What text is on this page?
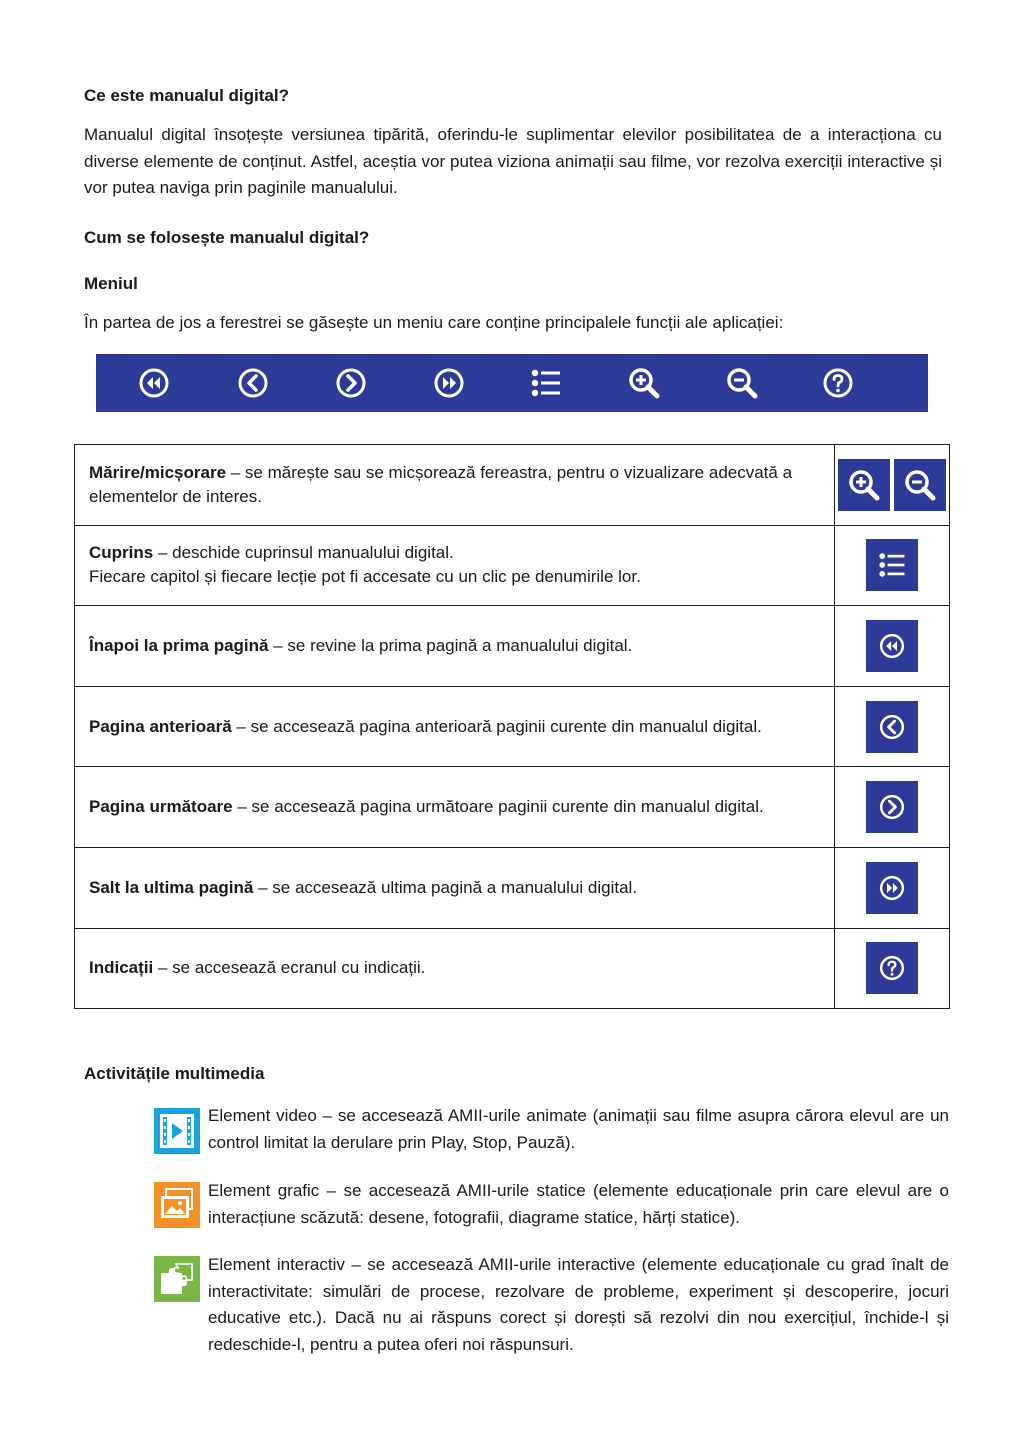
Ce este manualul digital?

Manualul digital însoțește versiunea tipărită, oferindu-le suplimentar elevilor posibilitatea de a interacționa cu diverse elemente de conținut. Astfel, aceștia vor putea viziona animații sau filme, vor rezolva exerciții interactive și vor putea naviga prin paginile manualului.

Cum se folosește manualul digital?
Meniul

În partea de jos a ferestrei se găsește un meniu care conține principalele funcții ale aplicației:

Mărire/micșorare – se mărește sau se micșorează fereastra, pentru o vizualizare adecvată a elementelor de interes.	

Cuprins – deschide cuprinsul manualului digital.
Fiecare capitol și fiecare lecție pot fi accesate cu un clic pe denumirile lor.	

Înapoi la prima pagină – se revine la prima pagină a manualului digital.	

Pagina anterioară – se accesează pagina anterioară paginii curente din manualul digital.	

Pagina următoare – se accesează pagina următoare paginii curente din manualul digital.	

Salt la ultima pagină – se accesează ultima pagină a manualului digital.	

Indicații – se accesează ecranul cu indicații.	
Activitățile multimedia

Element video – se accesează AMII-urile animate (animații sau filme asupra cărora elevul are un control limitat la derulare prin Play, Stop, Pauză).

Element grafic – se accesează AMII-urile statice (elemente educaționale prin care elevul are o interacțiune scăzută: desene, fotografii, diagrame statice, hărți statice).

Element interactiv – se accesează AMII-urile interactive (elemente educaționale cu grad înalt de interactivitate: simulări de procese, rezolvare de probleme, experiment și descoperire, jocuri educative etc.). Dacă nu ai răspuns corect și dorești să rezolvi din nou exercițiul, închide-l și redeschide-l, pentru a putea oferi noi răspunsuri.
